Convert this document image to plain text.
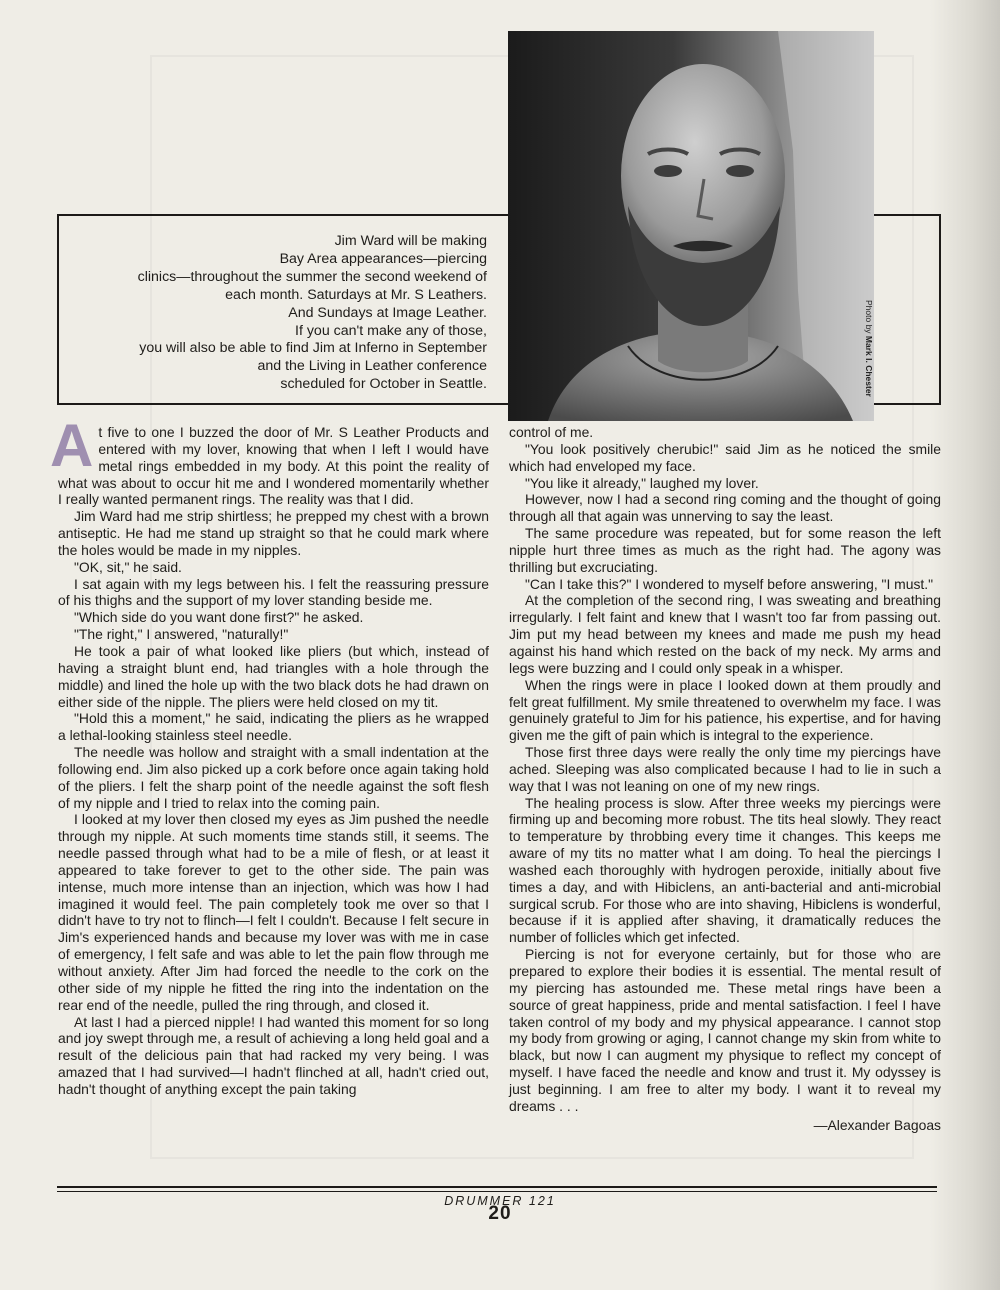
Jim Ward will be making
Bay Area appearances—piercing
clinics—throughout the summer the second weekend of
each month. Saturdays at Mr. S Leathers.
And Sundays at Image Leather.
If you can't make any of those,
you will also be able to find Jim at Inferno in September
and the Living in Leather conference
scheduled for October in Seattle.
Photo by Mark I. Chester

At five to one I buzzed the door of Mr. S Leather Products and entered with my lover, knowing that when I left I would have metal rings embedded in my body. At this point the reality of what was about to occur hit me and I wondered momentarily whether I really wanted permanent rings. The reality was that I did.

Jim Ward had me strip shirtless; he prepped my chest with a brown antiseptic. He had me stand up straight so that he could mark where the holes would be made in my nipples.

"OK, sit," he said.

I sat again with my legs between his. I felt the reassuring pressure of his thighs and the support of my lover standing beside me.

"Which side do you want done first?" he asked.

"The right," I answered, "naturally!"

He took a pair of what looked like pliers (but which, instead of having a straight blunt end, had triangles with a hole through the middle) and lined the hole up with the two black dots he had drawn on either side of the nipple. The pliers were held closed on my tit.

"Hold this a moment," he said, indicating the pliers as he wrapped a lethal-looking stainless steel needle.

The needle was hollow and straight with a small indentation at the following end. Jim also picked up a cork before once again taking hold of the pliers. I felt the sharp point of the needle against the soft flesh of my nipple and I tried to relax into the coming pain.

I looked at my lover then closed my eyes as Jim pushed the needle through my nipple. At such moments time stands still, it seems. The needle passed through what had to be a mile of flesh, or at least it appeared to take forever to get to the other side. The pain was intense, much more intense than an injection, which was how I had imagined it would feel. The pain completely took me over so that I didn't have to try not to flinch—I felt I couldn't. Because I felt secure in Jim's experienced hands and because my lover was with me in case of emergency, I felt safe and was able to let the pain flow through me without anxiety. After Jim had forced the needle to the cork on the other side of my nipple he fitted the ring into the indentation on the rear end of the needle, pulled the ring through, and closed it.

At last I had a pierced nipple! I had wanted this moment for so long and joy swept through me, a result of achieving a long held goal and a result of the delicious pain that had racked my very being. I was amazed that I had survived—I hadn't flinched at all, hadn't cried out, hadn't thought of anything except the pain taking

control of me.

"You look positively cherubic!" said Jim as he noticed the smile which had enveloped my face.

"You like it already," laughed my lover.

However, now I had a second ring coming and the thought of going through all that again was unnerving to say the least.

The same procedure was repeated, but for some reason the left nipple hurt three times as much as the right had. The agony was thrilling but excruciating.

"Can I take this?" I wondered to myself before answering, "I must."

At the completion of the second ring, I was sweating and breathing irregularly. I felt faint and knew that I wasn't too far from passing out. Jim put my head between my knees and made me push my head against his hand which rested on the back of my neck. My arms and legs were buzzing and I could only speak in a whisper.

When the rings were in place I looked down at them proudly and felt great fulfillment. My smile threatened to overwhelm my face. I was genuinely grateful to Jim for his patience, his expertise, and for having given me the gift of pain which is integral to the experience.

Those first three days were really the only time my piercings have ached. Sleeping was also complicated because I had to lie in such a way that I was not leaning on one of my new rings.

The healing process is slow. After three weeks my piercings were firming up and becoming more robust. The tits heal slowly. They react to temperature by throbbing every time it changes. This keeps me aware of my tits no matter what I am doing. To heal the piercings I washed each thoroughly with hydrogen peroxide, initially about five times a day, and with Hibiclens, an anti-bacterial and anti-microbial surgical scrub. For those who are into shaving, Hibiclens is wonderful, because if it is applied after shaving, it dramatically reduces the number of follicles which get infected.

Piercing is not for everyone certainly, but for those who are prepared to explore their bodies it is essential. The mental result of my piercing has astounded me. These metal rings have been a source of great happiness, pride and mental satisfaction. I feel I have taken control of my body and my physical appearance. I cannot stop my body from growing or aging, I cannot change my skin from white to black, but now I can augment my physique to reflect my concept of myself. I have faced the needle and know and trust it. My odyssey is just beginning. I am free to alter my body. I want it to reveal my dreams . . .

—Alexander Bagoas

DRUMMER 121
20
